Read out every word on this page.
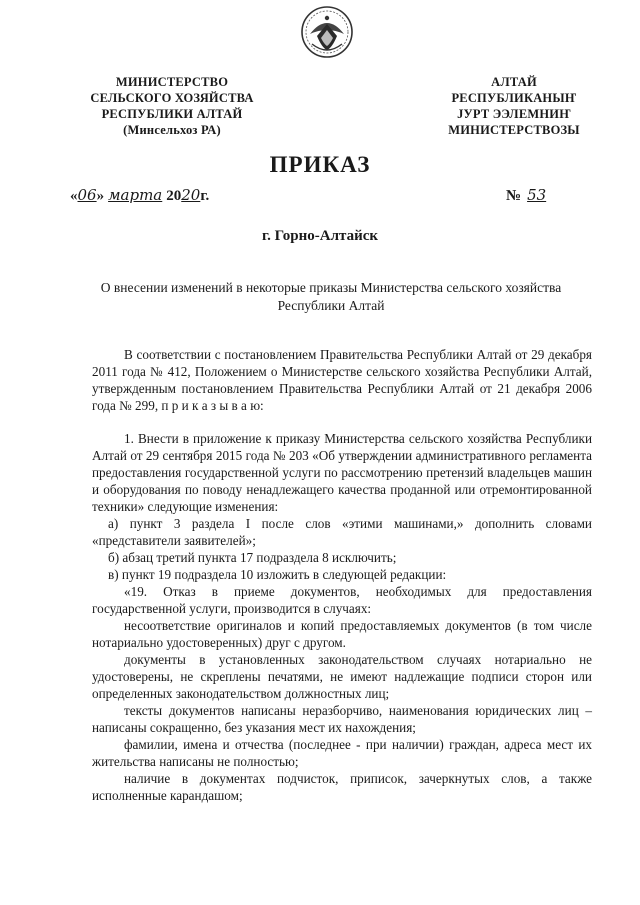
МИНИСТЕРСТВО
СЕЛЬСКОГО ХОЗЯЙСТВА
РЕСПУБЛИКИ АЛТАЙ
(Минсельхоз РА)
АЛТАЙ
РЕСПУБЛИКАНЫҤ
ЈУРТ ЭЭЛЕМНИҤ
МИНИСТЕРСТВОЗЫ
ПРИКАЗ
«06» марта 2020г.	№ 53
г. Горно-Алтайск
О внесении изменений в некоторые приказы Министерства сельского хозяйства Республики Алтай

В соответствии с постановлением Правительства Республики Алтай от 29 декабря 2011 года № 412, Положением о Министерстве сельского хозяйства Республики Алтай, утвержденным постановлением Правительства Республики Алтай от 21 декабря 2006 года № 299, п р и к а з ы в а ю:

1. Внести в приложение к приказу Министерства сельского хозяйства Республики Алтай от 29 сентября 2015 года № 203 «Об утверждении административного регламента предоставления государственной услуги по рассмотрению претензий владельцев машин и оборудования по поводу ненадлежащего качества проданной или отремонтированной техники» следующие изменения:

а) пункт 3 раздела I после слов «этими машинами,» дополнить словами «представители заявителей»;

б) абзац третий пункта 17 подраздела 8 исключить;

в) пункт 19 подраздела 10 изложить в следующей редакции:

«19. Отказ в приеме документов, необходимых для предоставления государственной услуги, производится в случаях:

несоответствие оригиналов и копий предоставляемых документов (в том числе нотариально удостоверенных) друг с другом.

документы в установленных законодательством случаях нотариально не удостоверены, не скреплены печатями, не имеют надлежащие подписи сторон или определенных законодательством должностных лиц;

тексты документов написаны неразборчиво, наименования юридических лиц – написаны сокращенно, без указания мест их нахождения;

фамилии, имена и отчества (последнее - при наличии) граждан, адреса мест их жительства написаны не полностью;

наличие в документах подчисток, приписок, зачеркнутых слов, а также исполненные карандашом;
